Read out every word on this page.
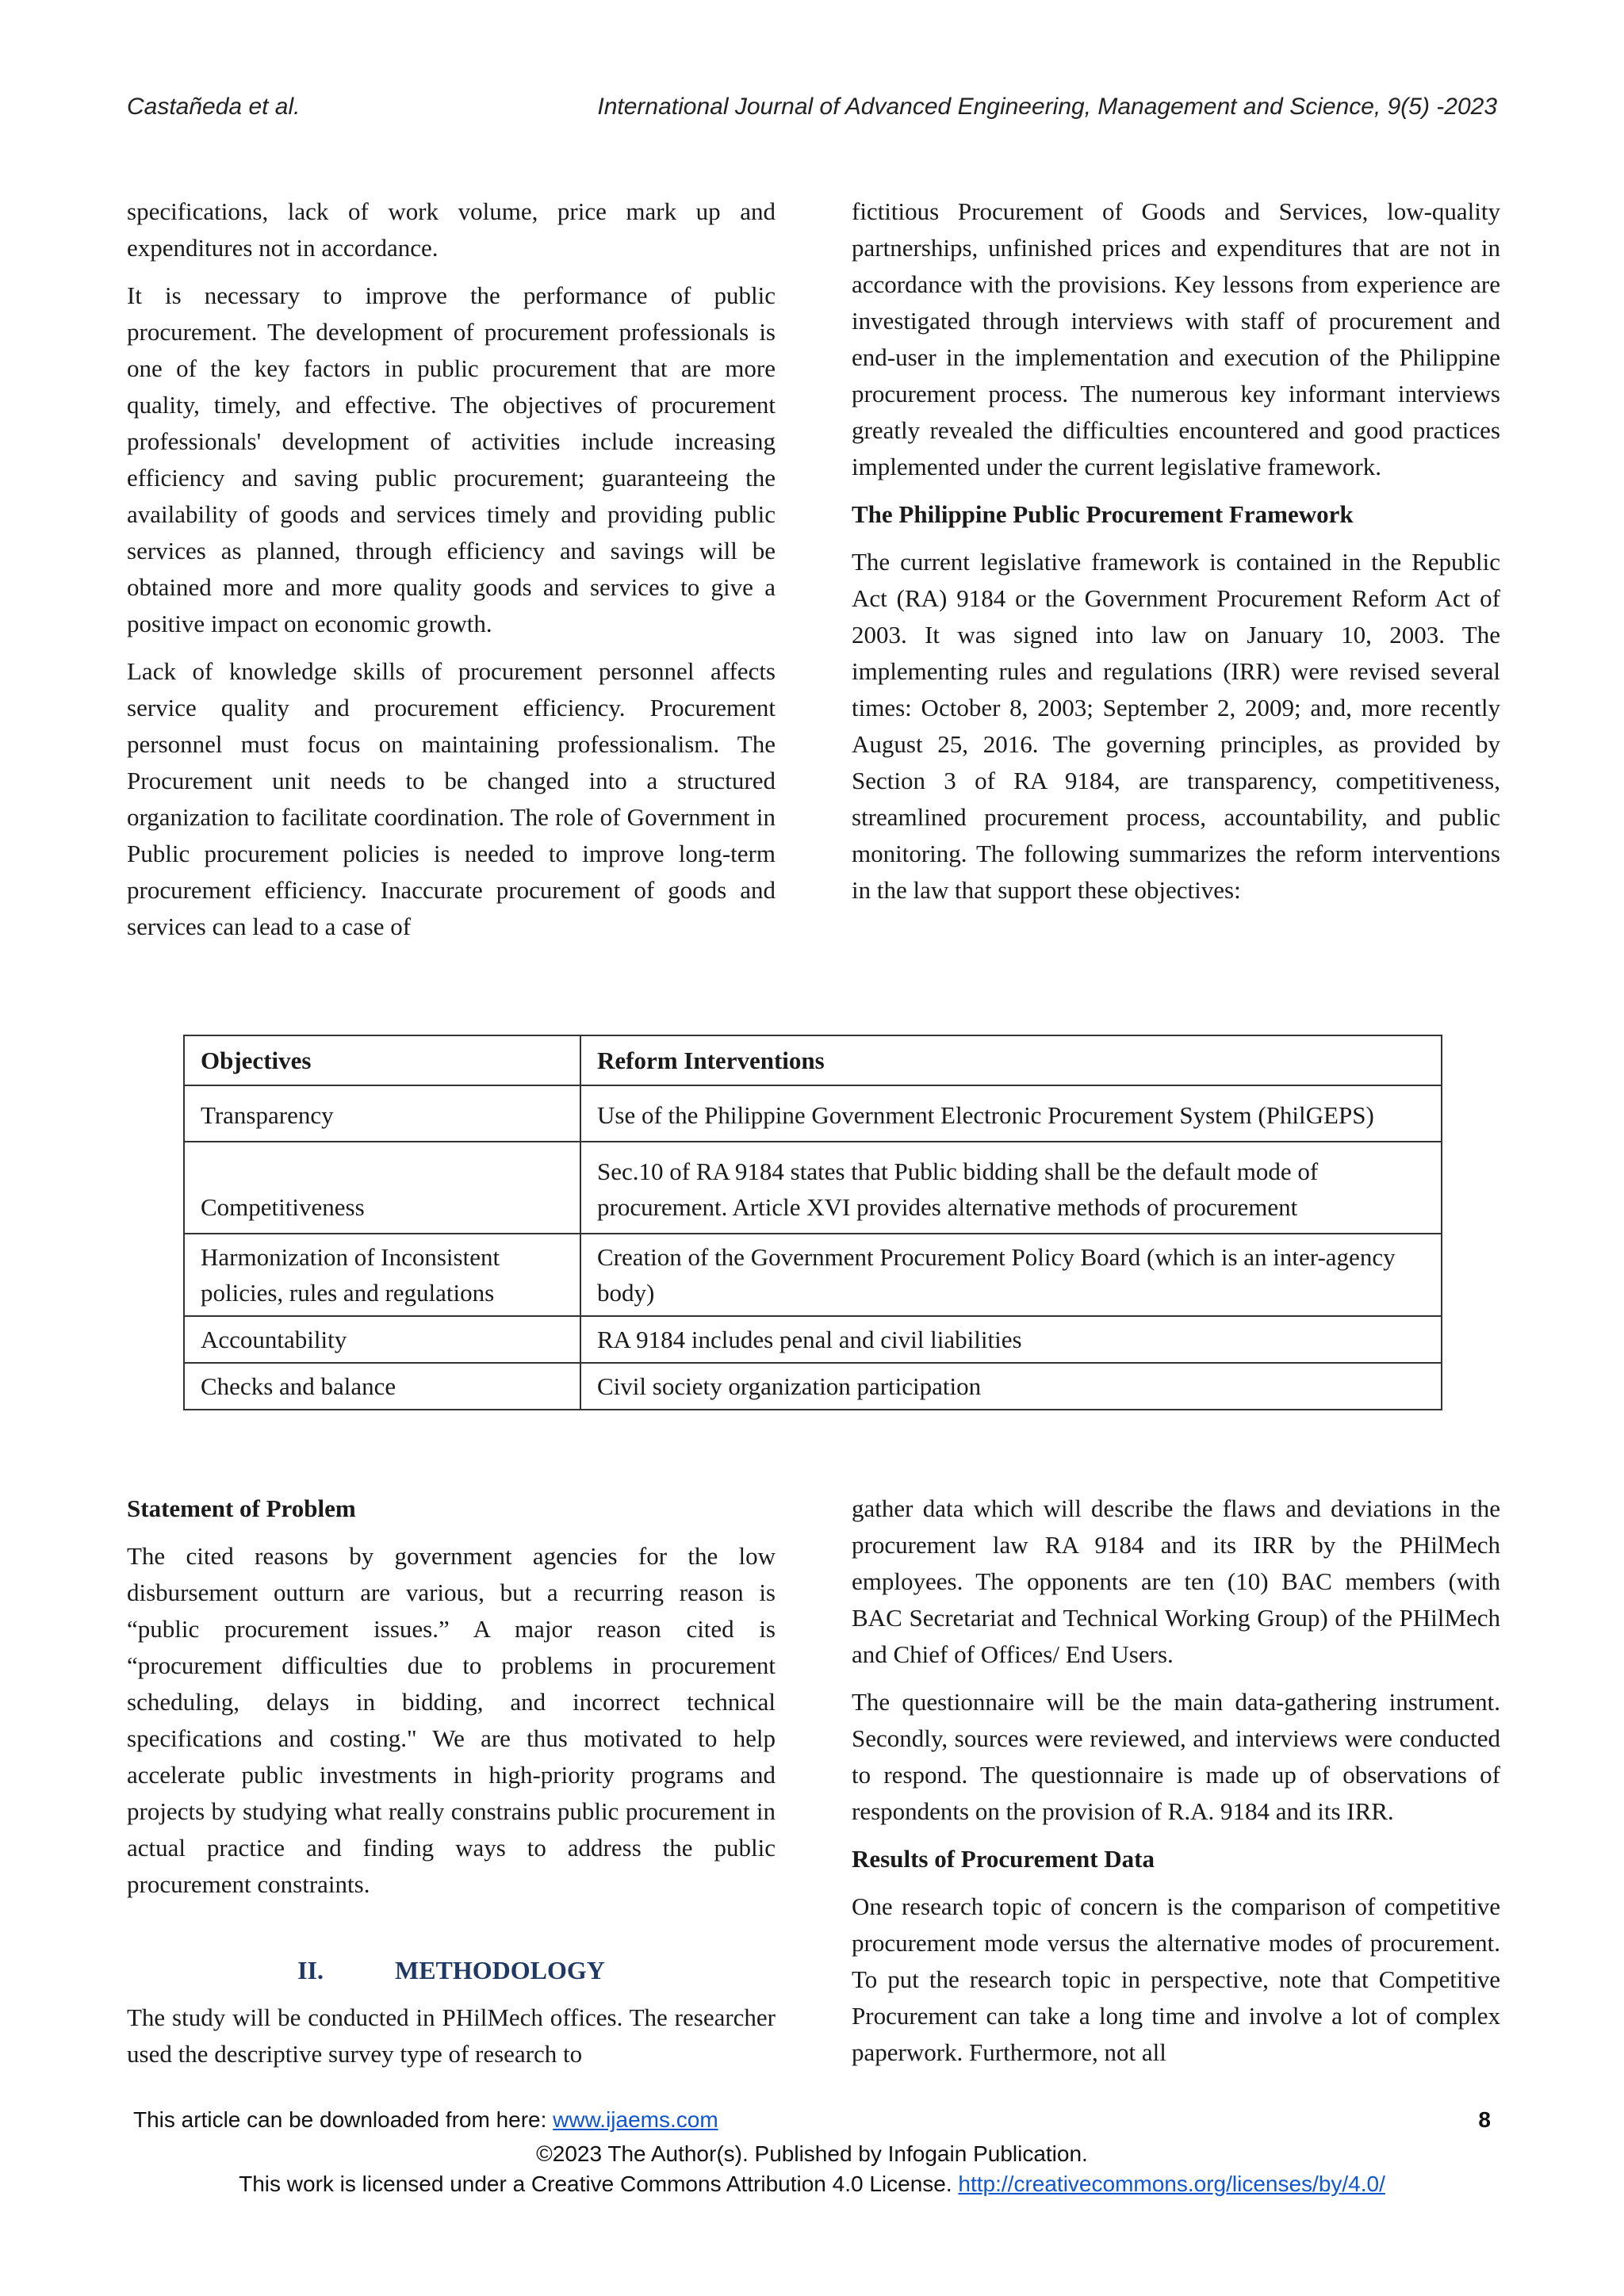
Castañeda et al.	International Journal of Advanced Engineering, Management and Science, 9(5) -2023

specifications, lack of work volume, price mark up and expenditures not in accordance.

It is necessary to improve the performance of public procurement. The development of procurement professionals is one of the key factors in public procurement that are more quality, timely, and effective. The objectives of procurement professionals' development of activities include increasing efficiency and saving public procurement; guaranteeing the availability of goods and services timely and providing public services as planned, through efficiency and savings will be obtained more and more quality goods and services to give a positive impact on economic growth.

Lack of knowledge skills of procurement personnel affects service quality and procurement efficiency. Procurement personnel must focus on maintaining professionalism. The Procurement unit needs to be changed into a structured organization to facilitate coordination. The role of Government in Public procurement policies is needed to improve long-term procurement efficiency. Inaccurate procurement of goods and services can lead to a case of

fictitious Procurement of Goods and Services, low-quality partnerships, unfinished prices and expenditures that are not in accordance with the provisions. Key lessons from experience are investigated through interviews with staff of procurement and end-user in the implementation and execution of the Philippine procurement process. The numerous key informant interviews greatly revealed the difficulties encountered and good practices implemented under the current legislative framework.

The Philippine Public Procurement Framework

The current legislative framework is contained in the Republic Act (RA) 9184 or the Government Procurement Reform Act of 2003. It was signed into law on January 10, 2003. The implementing rules and regulations (IRR) were revised several times: October 8, 2003; September 2, 2009; and, more recently August 25, 2016. The governing principles, as provided by Section 3 of RA 9184, are transparency, competitiveness, streamlined procurement process, accountability, and public monitoring. The following summarizes the reform interventions in the law that support these objectives:

Objectives	Reform Interventions
Transparency	Use of the Philippine Government Electronic Procurement System (PhilGEPS)
Competitiveness	Sec.10 of RA 9184 states that Public bidding shall be the default mode of procurement. Article XVI provides alternative methods of procurement
Harmonization of Inconsistent policies, rules and regulations	Creation of the Government Procurement Policy Board (which is an inter-agency body)
Accountability	RA 9184 includes penal and civil liabilities
Checks and balance	Civil society organization participation
Statement of Problem

The cited reasons by government agencies for the low disbursement outturn are various, but a recurring reason is “public procurement issues.” A major reason cited is “procurement difficulties due to problems in procurement scheduling, delays in bidding, and incorrect technical specifications and costing." We are thus motivated to help accelerate public investments in high-priority programs and projects by studying what really constrains public procurement in actual practice and finding ways to address the public procurement constraints.

II.	METHODOLOGY

The study will be conducted in PHilMech offices. The researcher used the descriptive survey type of research to

gather data which will describe the flaws and deviations in the procurement law RA 9184 and its IRR by the PHilMech employees. The opponents are ten (10) BAC members (with BAC Secretariat and Technical Working Group) of the PHilMech and Chief of Offices/ End Users.

The questionnaire will be the main data-gathering instrument. Secondly, sources were reviewed, and interviews were conducted to respond. The questionnaire is made up of observations of respondents on the provision of R.A. 9184 and its IRR.

Results of Procurement Data

One research topic of concern is the comparison of competitive procurement mode versus the alternative modes of procurement. To put the research topic in perspective, note that Competitive Procurement can take a long time and involve a lot of complex paperwork. Furthermore, not all

This article can be downloaded from here: www.ijaems.com	8
©2023 The Author(s). Published by Infogain Publication.
This work is licensed under a Creative Commons Attribution 4.0 License. http://creativecommons.org/licenses/by/4.0/
